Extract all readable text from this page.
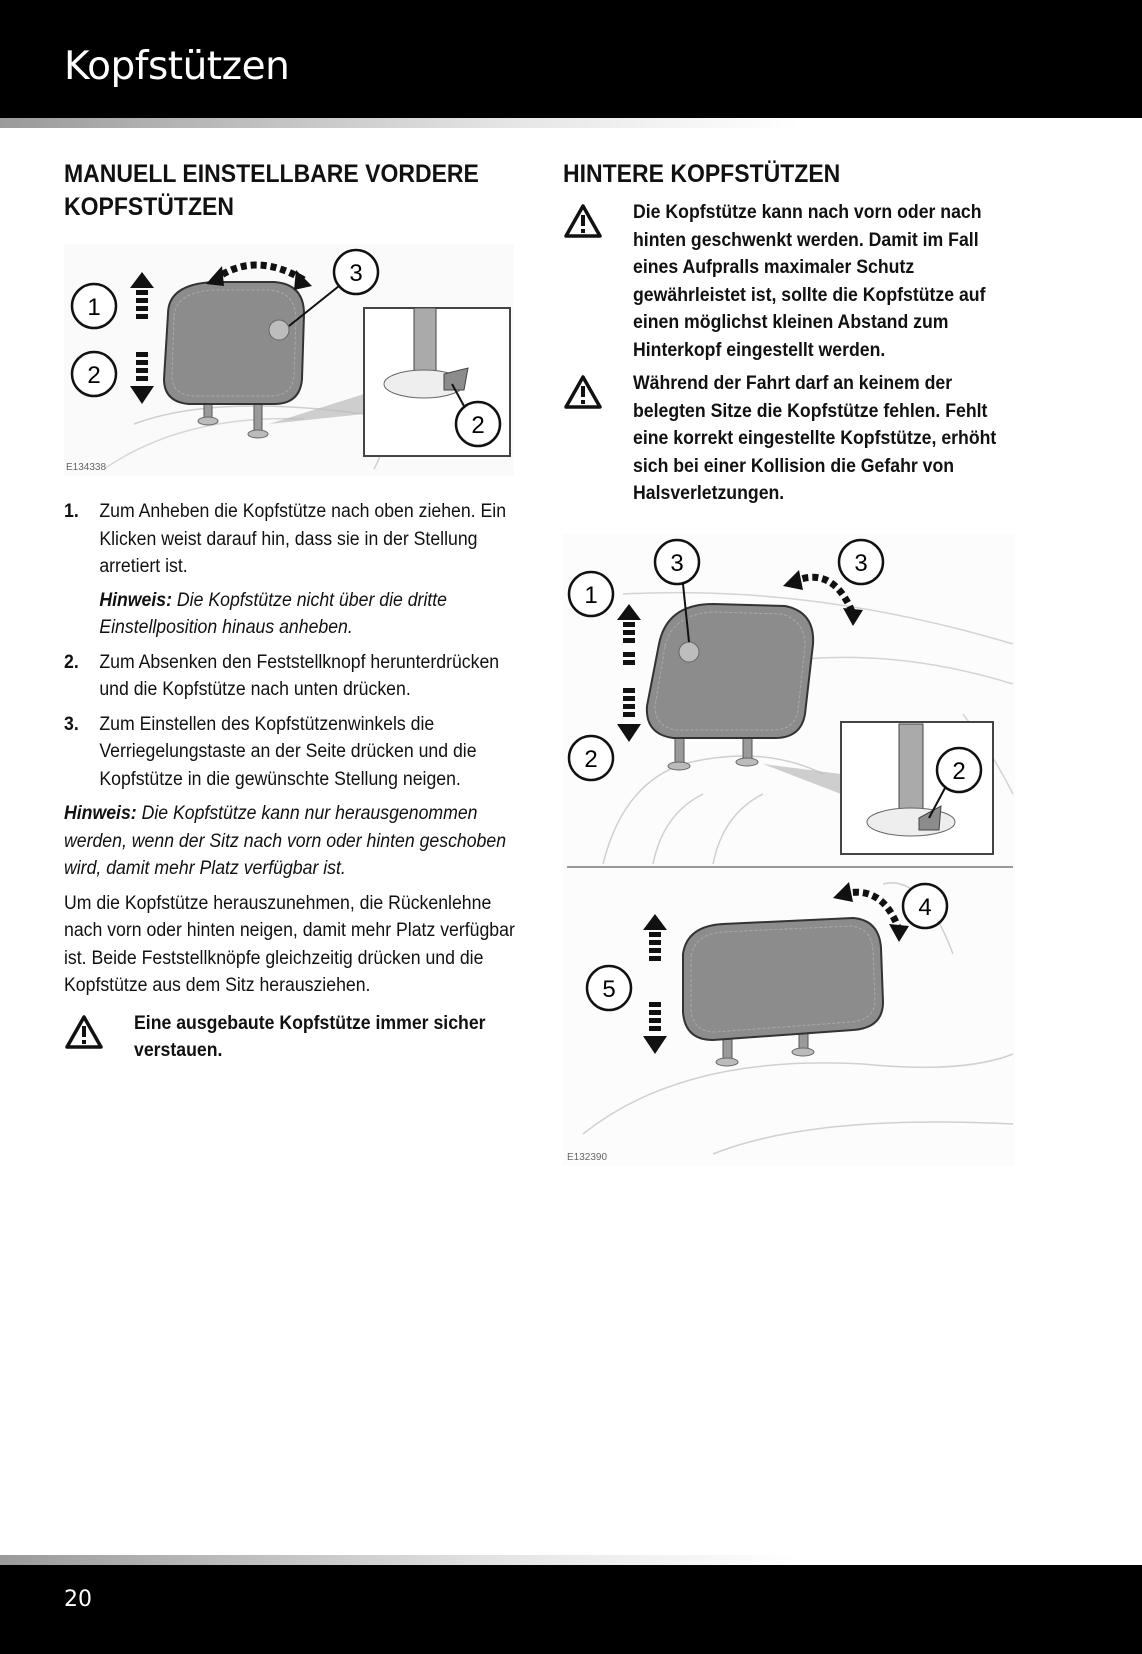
Kopfstützen
MANUELL EINSTELLBARE VORDERE KOPFSTÜTZEN
1
2
3
2
E134338
1.	Zum Anheben die Kopfstütze nach oben ziehen. Ein Klicken weist darauf hin, dass sie in der Stellung arretiert ist.

Hinweis: Die Kopfstütze nicht über die dritte Einstellposition hinaus anheben.

2.	Zum Absenken den Feststellknopf herunterdrücken und die Kopfstütze nach unten drücken.

3.	Zum Einstellen des Kopfstützenwinkels die Verriegelungstaste an der Seite drücken und die Kopfstütze in die gewünschte Stellung neigen.

Hinweis: Die Kopfstütze kann nur herausgenommen werden, wenn der Sitz nach vorn oder hinten geschoben wird, damit mehr Platz verfügbar ist.

Um die Kopfstütze herauszunehmen, die Rückenlehne nach vorn oder hinten neigen, damit mehr Platz verfügbar ist. Beide Feststellknöpfe gleichzeitig drücken und die Kopfstütze aus dem Sitz herausziehen.

Eine ausgebaute Kopfstütze immer sicher verstauen.

HINTERE KOPFSTÜTZEN

Die Kopfstütze kann nach vorn oder nach hinten geschwenkt werden. Damit im Fall eines Aufpralls maximaler Schutz gewährleistet ist, sollte die Kopfstütze auf einen möglichst kleinen Abstand zum Hinterkopf eingestellt werden.

Während der Fahrt darf an keinem der belegten Sitze die Kopfstütze fehlen. Fehlt eine korrekt eingestellte Kopfstütze, erhöht sich bei einer Kollision die Gefahr von Halsverletzungen.

1
3	3
2	2
4
5
E132390
20
